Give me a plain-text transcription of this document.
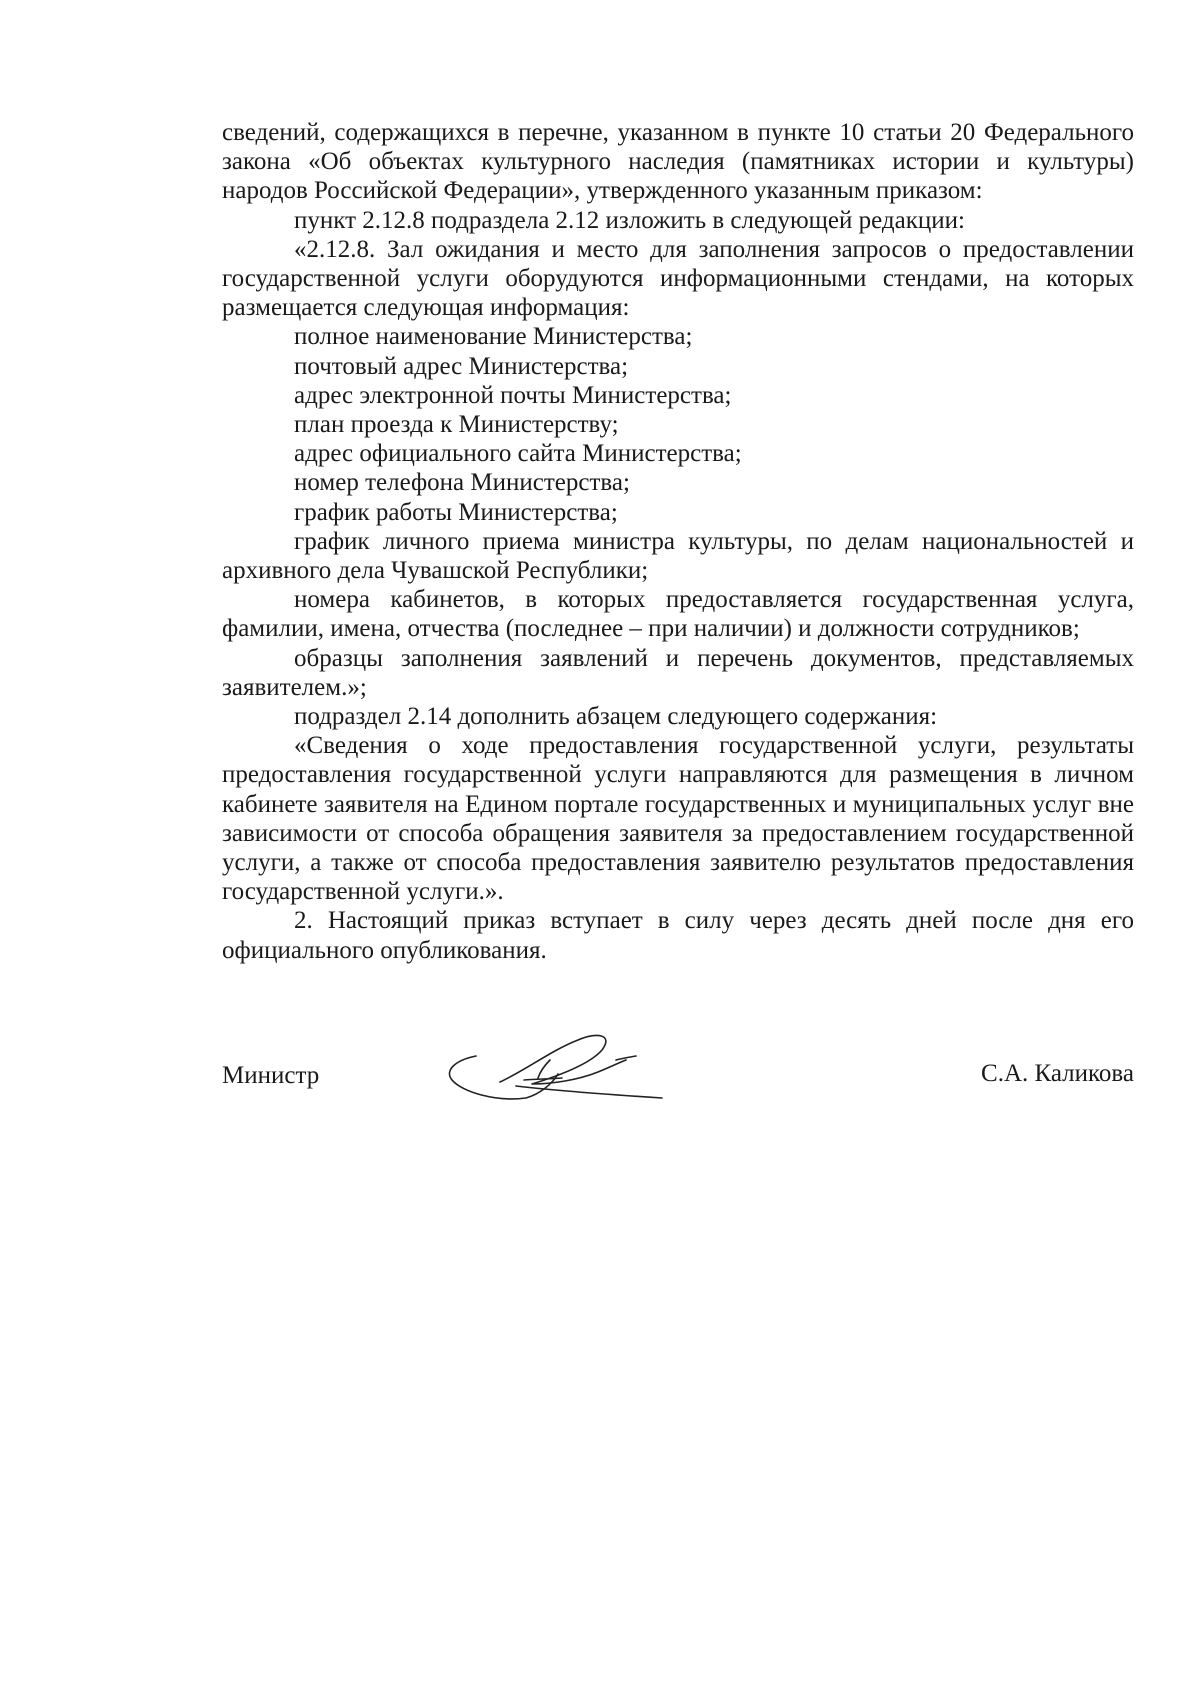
сведений, содержащихся в перечне, указанном в пункте 10 статьи 20 Федерального закона «Об объектах культурного наследия (памятниках истории и культуры) народов Российской Федерации», утвержденного указанным приказом:

пункт 2.12.8 подраздела 2.12 изложить в следующей редакции:

«2.12.8. Зал ожидания и место для заполнения запросов о предоставлении государственной услуги оборудуются информационными стендами, на которых размещается следующая информация:

полное наименование Министерства;

почтовый адрес Министерства;

адрес электронной почты Министерства;

план проезда к Министерству;

адрес официального сайта Министерства;

номер телефона Министерства;

график работы Министерства;

график личного приема министра культуры, по делам национальностей и архивного дела Чувашской Республики;

номера кабинетов, в которых предоставляется государственная услуга, фамилии, имена, отчества (последнее – при наличии) и должности сотрудников;

образцы заполнения заявлений и перечень документов, представляемых заявителем.»;

подраздел 2.14 дополнить абзацем следующего содержания:

«Сведения о ходе предоставления государственной услуги, результаты предоставления государственной услуги направляются для размещения в личном кабинете заявителя на Едином портале государственных и муниципальных услуг вне зависимости от способа обращения заявителя за предоставлением государственной услуги, а также от способа предоставления заявителю результатов предоставления государственной услуги.».

2. Настоящий приказ вступает в силу через десять дней после дня его официального опубликования.

Министр	С.А. Каликова
